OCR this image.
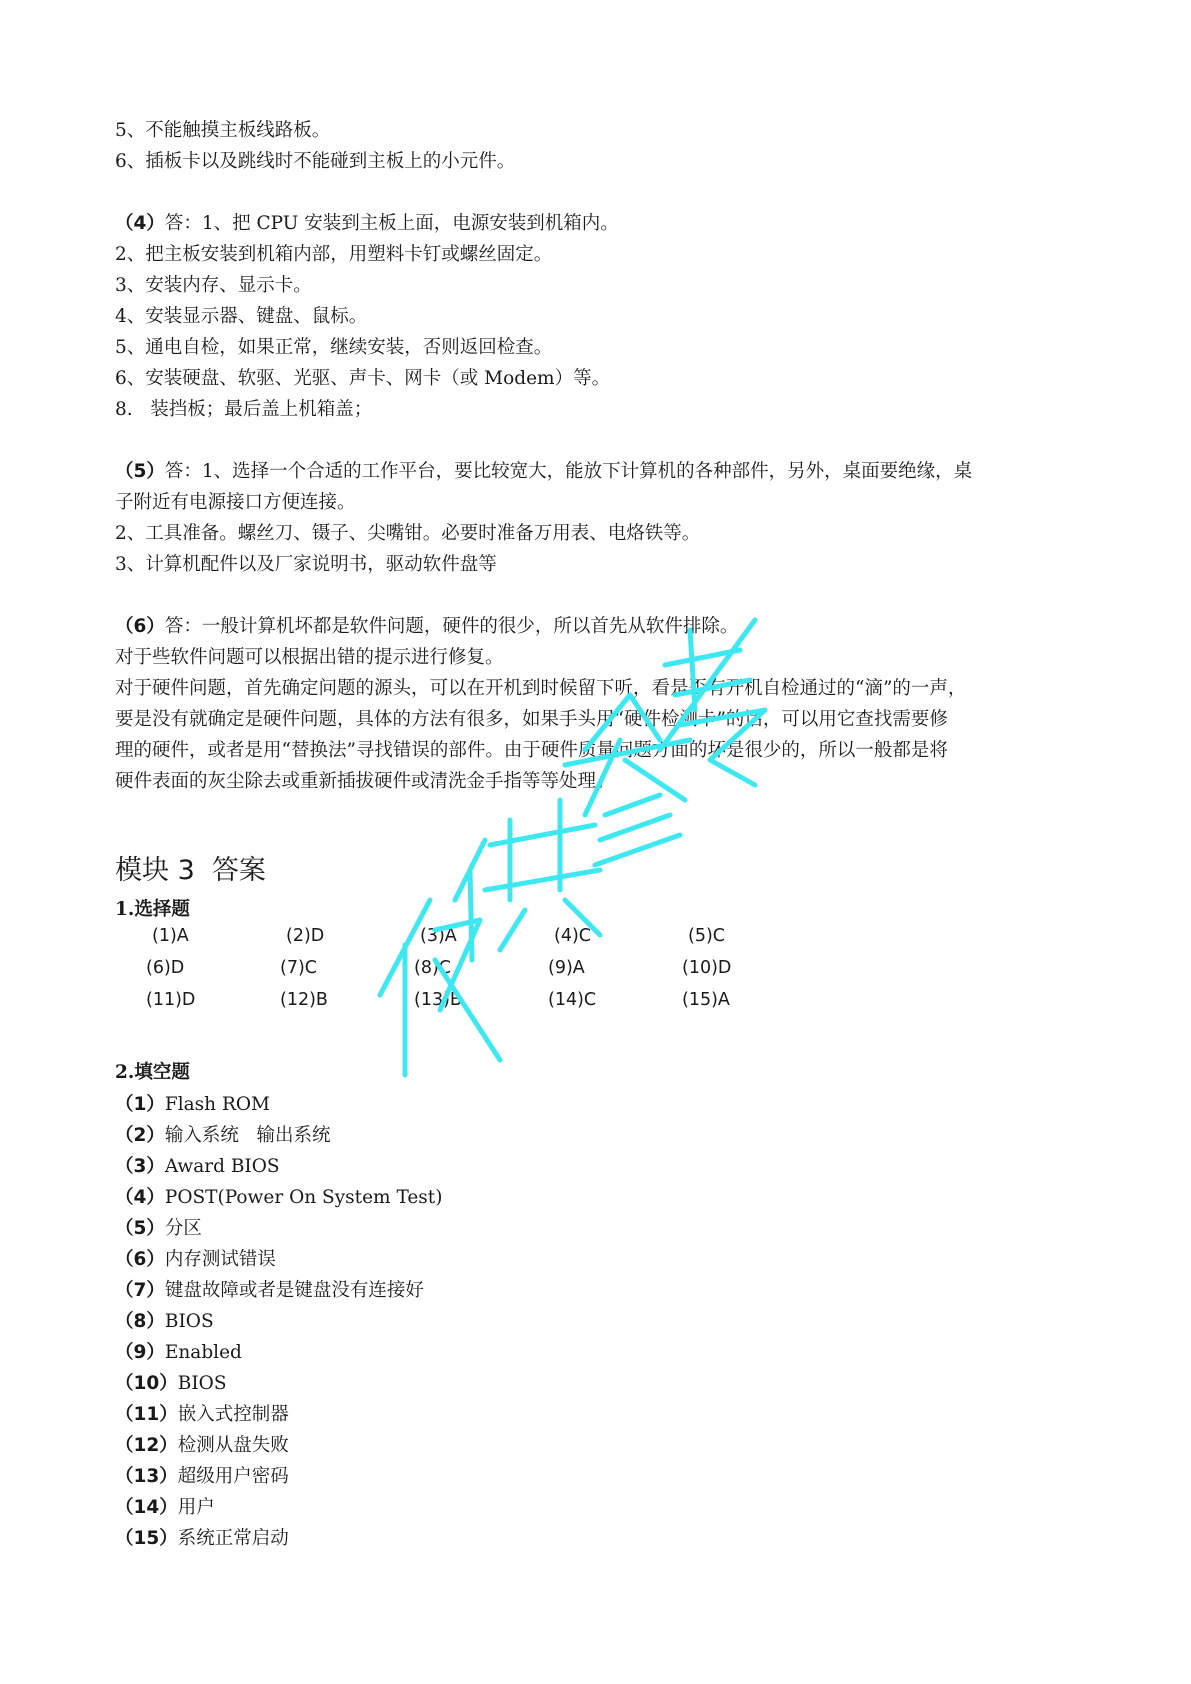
5、不能触摸主板线路板。
6、插板卡以及跳线时不能碰到主板上的小元件。
（4）答：1、把 CPU 安装到主板上面，电源安装到机箱内。
2、把主板安装到机箱内部，用塑料卡钉或螺丝固定。
3、安装内存、显示卡。
4、安装显示器、键盘、鼠标。
5、通电自检，如果正常，继续安装，否则返回检查。
6、安装硬盘、软驱、光驱、声卡、网卡（或 Modem）等。
8.   装挡板；最后盖上机箱盖；
（5）答：1、选择一个合适的工作平台，要比较宽大，能放下计算机的各种部件，另外，桌面要绝缘，桌
子附近有电源接口方便连接。
2、工具准备。螺丝刀、镊子、尖嘴钳。必要时准备万用表、电烙铁等。
3、计算机配件以及厂家说明书，驱动软件盘等
（6）答：一般计算机坏都是软件问题，硬件的很少，所以首先从软件排除。
对于些软件问题可以根据出错的提示进行修复。
对于硬件问题，首先确定问题的源头，可以在开机到时候留下听，看是否有开机自检通过的“滴”的一声，
要是没有就确定是硬件问题，具体的方法有很多，如果手头用“硬件检测卡”的话，可以用它查找需要修
理的硬件，或者是用“替换法”寻找错误的部件。由于硬件质量问题方面的坏是很少的，所以一般都是将
硬件表面的灰尘除去或重新插拔硬件或清洗金手指等等处理。
模块 3  答案
1.选择题
(1)A	(2)D	(3)A	(4)C	(5)C
(6)D	(7)C	(8)C	(9)A	(10)D
(11)D	(12)B	(13)B	(14)C	(15)A
2.填空题
（1）Flash ROM
（2）输入系统   输出系统
（3）Award BIOS
（4）POST(Power On System Test)
（5）分区
（6）内存测试错误
（7）键盘故障或者是键盘没有连接好
（8）BIOS
（9）Enabled
（10）BIOS
（11）嵌入式控制器
（12）检测从盘失败
（13）超级用户密码
（14）用户
（15）系统正常启动
